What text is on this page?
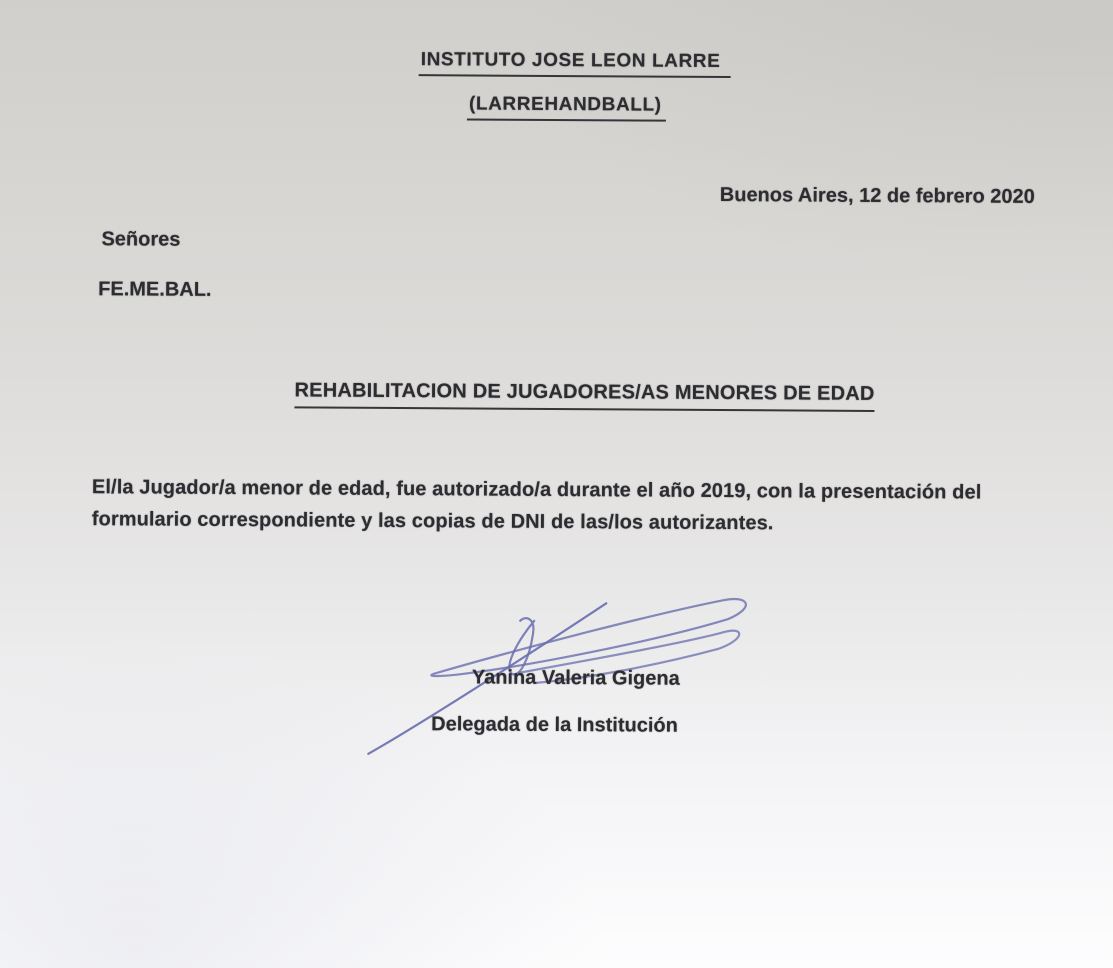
INSTITUTO JOSE LEON LARRE
(LARREHANDBALL)
Buenos Aires, 12 de febrero 2020
Señores
FE.ME.BAL.
REHABILITACION DE JUGADORES/AS MENORES DE EDAD
El/la Jugador/a menor de edad, fue autorizado/a durante el año 2019, con la presentación del
formulario correspondiente y las copias de DNI de las/los autorizantes.
Yanina Valeria Gigena
Delegada de la Institución
